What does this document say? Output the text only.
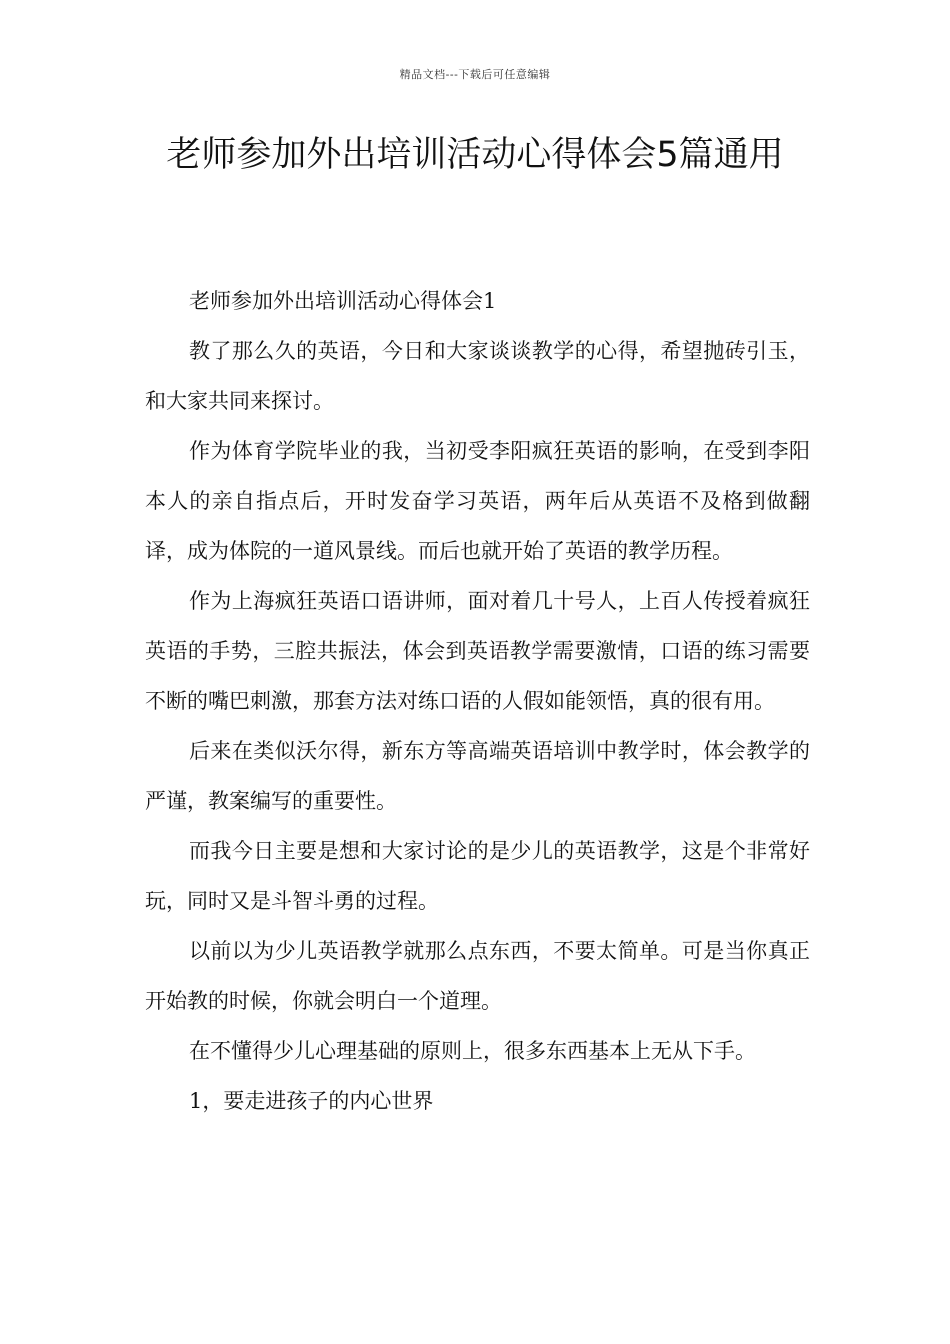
精品文档---下载后可任意编辑
老师参加外出培训活动心得体会5篇通用

老师参加外出培训活动心得体会1

教了那么久的英语，今日和大家谈谈教学的心得，希望抛砖引玉，和大家共同来探讨。

作为体育学院毕业的我，当初受李阳疯狂英语的影响，在受到李阳本人的亲自指点后，开时发奋学习英语，两年后从英语不及格到做翻译，成为体院的一道风景线。而后也就开始了英语的教学历程。

作为上海疯狂英语口语讲师，面对着几十号人，上百人传授着疯狂英语的手势，三腔共振法，体会到英语教学需要激情，口语的练习需要不断的嘴巴刺激，那套方法对练口语的人假如能领悟，真的很有用。

后来在类似沃尔得，新东方等高端英语培训中教学时，体会教学的严谨，教案编写的重要性。

而我今日主要是想和大家讨论的是少儿的英语教学，这是个非常好玩，同时又是斗智斗勇的过程。

以前以为少儿英语教学就那么点东西，不要太简单。可是当你真正开始教的时候，你就会明白一个道理。

在不懂得少儿心理基础的原则上，很多东西基本上无从下手。

1，要走进孩子的内心世界
